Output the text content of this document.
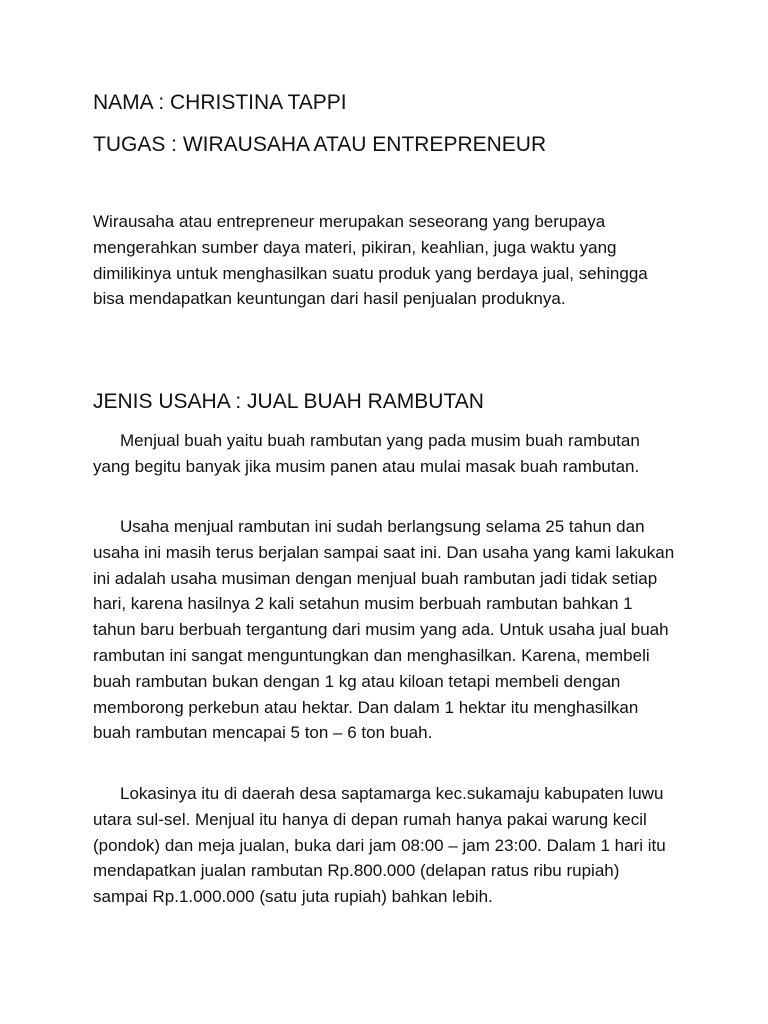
NAMA : CHRISTINA TAPPI
TUGAS : WIRAUSAHA ATAU ENTREPRENEUR

Wirausaha atau entrepreneur merupakan seseorang yang berupaya mengerahkan sumber daya materi, pikiran, keahlian, juga waktu yang dimilikinya untuk menghasilkan suatu produk yang berdaya jual, sehingga bisa mendapatkan keuntungan dari hasil penjualan produknya.

JENIS USAHA : JUAL BUAH RAMBUTAN

Menjual buah yaitu buah rambutan yang pada musim buah rambutan yang begitu banyak jika musim panen atau mulai masak buah rambutan.

Usaha menjual rambutan ini sudah berlangsung selama 25 tahun dan usaha ini masih terus berjalan sampai saat ini. Dan usaha yang kami lakukan ini adalah usaha musiman dengan menjual buah rambutan jadi tidak setiap hari, karena hasilnya 2 kali setahun musim berbuah rambutan bahkan 1 tahun baru berbuah tergantung dari musim yang ada. Untuk usaha jual buah rambutan ini sangat menguntungkan dan menghasilkan. Karena, membeli buah rambutan bukan dengan 1 kg atau kiloan tetapi membeli dengan memborong perkebun atau hektar. Dan dalam 1 hektar itu menghasilkan buah rambutan mencapai 5 ton – 6 ton buah.

Lokasinya itu di daerah desa saptamarga kec.sukamaju kabupaten luwu utara sul-sel. Menjual itu hanya di depan rumah hanya pakai warung kecil (pondok) dan meja jualan, buka dari jam 08:00 – jam 23:00. Dalam 1 hari itu mendapatkan jualan rambutan Rp.800.000 (delapan ratus ribu rupiah) sampai Rp.1.000.000 (satu juta rupiah) bahkan lebih.
